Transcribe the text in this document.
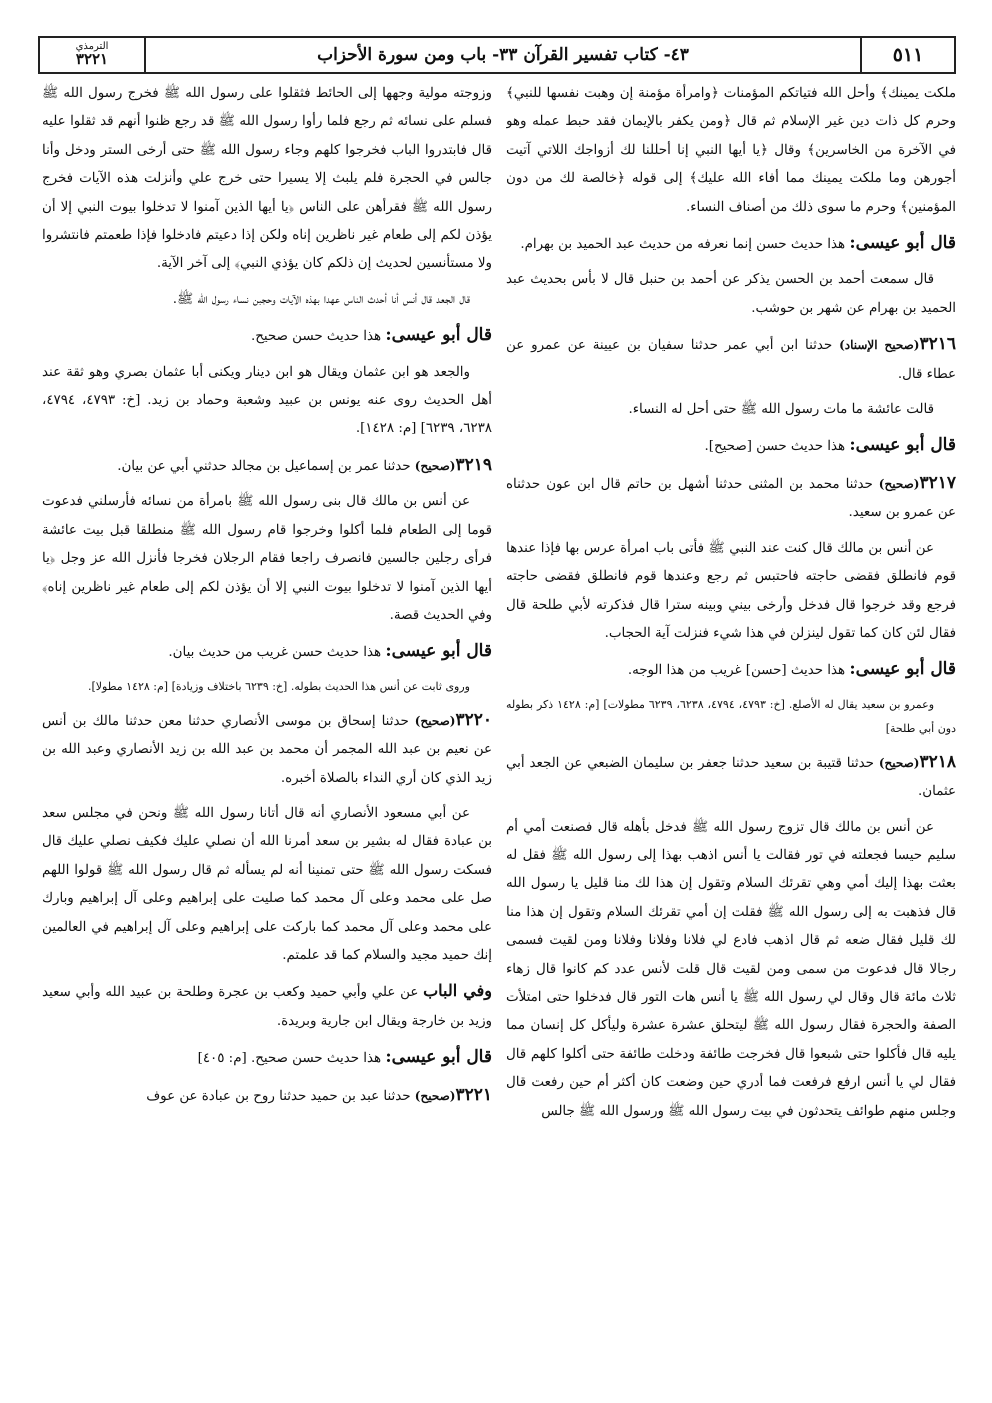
٥١١
٤٣- كتاب تفسير القرآن ٣٣- باب ومن سورة الأحزاب
الترمذي
٣٢٢١

ملكت يمينك﴾ وأحل الله فتياتكم المؤمنات ﴿وامرأة مؤمنة إن وهبت نفسها للنبي﴾ وحرم كل ذات دين غير الإسلام ثم قال ﴿ومن يكفر بالإيمان فقد حبط عمله وهو في الآخرة من الخاسرين﴾ وقال ﴿يا أيها النبي إنا أحللنا لك أزواجك اللاتي آتيت أجورهن وما ملكت يمينك مما أفاء الله عليك﴾ إلى قوله ﴿خالصة لك من دون المؤمنين﴾ وحرم ما سوى ذلك من أصناف النساء.

قال أبو عيسى: هذا حديث حسن إنما نعرفه من حديث عبد الحميد بن بهرام.

قال سمعت أحمد بن الحسن يذكر عن أحمد بن حنبل قال لا بأس بحديث عبد الحميد بن بهرام عن شهر بن حوشب.

٣٢١٦(صحيح الإسناد) حدثنا ابن أبي عمر حدثنا سفيان بن عيينة عن عمرو عن عطاء قال.

قالت عائشة ما مات رسول الله ﷺ حتى أحل له النساء.

قال أبو عيسى: هذا حديث حسن [صحيح].

٣٢١٧(صحيح) حدثنا محمد بن المثنى حدثنا أشهل بن حاتم قال ابن عون حدثناه عن عمرو بن سعيد.

عن أنس بن مالك قال كنت عند النبي ﷺ فأتى باب امرأة عرس بها فإذا عندها قوم فانطلق فقضى حاجته فاحتبس ثم رجع وعندها قوم فانطلق فقضى حاجته فرجع وقد خرجوا قال فدخل وأرخى بيني وبينه سترا قال فذكرته لأبي طلحة قال فقال لئن كان كما تقول لينزلن في هذا شيء فنزلت آية الحجاب.

قال أبو عيسى: هذا حديث [حسن] غريب من هذا الوجه.

وعمرو بن سعيد يقال له الأصلع. [خ: ٤٧٩٣، ٤٧٩٤، ٦٢٣٨، ٦٢٣٩ مطولات] [م: ١٤٢٨ ذكر بطوله دون أبي طلحة]

٣٢١٨(صحيح) حدثنا قتيبة بن سعيد حدثنا جعفر بن سليمان الضبعي عن الجعد أبي عثمان.

عن أنس بن مالك قال تزوج رسول الله ﷺ فدخل بأهله قال فصنعت أمي أم سليم حيسا فجعلته في تور فقالت يا أنس اذهب بهذا إلى رسول الله ﷺ فقل له بعثت بهذا إليك أمي وهي تقرئك السلام وتقول إن هذا لك منا قليل يا رسول الله قال فذهبت به إلى رسول الله ﷺ فقلت إن أمي تقرئك السلام وتقول إن هذا منا لك قليل فقال ضعه ثم قال اذهب فادع لي فلانا وفلانا وفلانا ومن لقيت فسمى رجالا قال فدعوت من سمى ومن لقيت قال قلت لأنس عدد كم كانوا قال زهاء ثلاث مائة قال وقال لي رسول الله ﷺ يا أنس هات التور قال فدخلوا حتى امتلأت الصفة والحجرة فقال رسول الله ﷺ ليتحلق عشرة عشرة وليأكل كل إنسان مما يليه قال فأكلوا حتى شبعوا قال فخرجت طائفة ودخلت طائفة حتى أكلوا كلهم قال فقال لي يا أنس ارفع فرفعت فما أدري حين وضعت كان أكثر أم حين رفعت قال وجلس منهم طوائف يتحدثون في بيت رسول الله ﷺ ورسول الله ﷺ جالس

وزوجته مولية وجهها إلى الحائط فثقلوا على رسول الله ﷺ فخرج رسول الله ﷺ فسلم على نسائه ثم رجع فلما رأوا رسول الله ﷺ قد رجع ظنوا أنهم قد ثقلوا عليه قال فابتدروا الباب فخرجوا كلهم وجاء رسول الله ﷺ حتى أرخى الستر ودخل وأنا جالس في الحجرة فلم يلبث إلا يسيرا حتى خرج علي وأنزلت هذه الآيات فخرج رسول الله ﷺ فقرأهن على الناس ﴿يا أيها الذين آمنوا لا تدخلوا بيوت النبي إلا أن يؤذن لكم إلى طعام غير ناظرين إناه ولكن إذا دعيتم فادخلوا فإذا طعمتم فانتشروا ولا مستأنسين لحديث إن ذلكم كان يؤذي النبي﴾ إلى آخر الآية.

قال الجعد قال أنس أنا أحدث الناس عهدا بهذه الآيات وحجبن نساء رسول الله ﷺ.

قال أبو عيسى: هذا حديث حسن صحيح.

والجعد هو ابن عثمان ويقال هو ابن دينار ويكنى أبا عثمان بصري وهو ثقة عند أهل الحديث روى عنه يونس بن عبيد وشعبة وحماد بن زيد. [خ: ٤٧٩٣، ٤٧٩٤، ٦٢٣٨، ٦٢٣٩] [م: ١٤٢٨].

٣٢١٩(صحيح) حدثنا عمر بن إسماعيل بن مجالد حدثني أبي عن بيان.

عن أنس بن مالك قال بنى رسول الله ﷺ بامرأة من نسائه فأرسلني فدعوت قوما إلى الطعام فلما أكلوا وخرجوا قام رسول الله ﷺ منطلقا قبل بيت عائشة فرأى رجلين جالسين فانصرف راجعا فقام الرجلان فخرجا فأنزل الله عز وجل ﴿يا أيها الذين آمنوا لا تدخلوا بيوت النبي إلا أن يؤذن لكم إلى طعام غير ناظرين إناه﴾ وفي الحديث قصة.

قال أبو عيسى: هذا حديث حسن غريب من حديث بيان.

وروى ثابت عن أنس هذا الحديث بطوله. [خ: ٦٢٣٩ باختلاف وزيادة] [م: ١٤٢٨ مطولا].

٣٢٢٠(صحيح) حدثنا إسحاق بن موسى الأنصاري حدثنا معن حدثنا مالك بن أنس عن نعيم بن عبد الله المجمر أن محمد بن عبد الله بن زيد الأنصاري وعبد الله بن زيد الذي كان أري النداء بالصلاة أخبره.

عن أبي مسعود الأنصاري أنه قال أتانا رسول الله ﷺ ونحن في مجلس سعد بن عبادة فقال له بشير بن سعد أمرنا الله أن نصلي عليك فكيف نصلي عليك قال فسكت رسول الله ﷺ حتى تمنينا أنه لم يسأله ثم قال رسول الله ﷺ قولوا اللهم صل على محمد وعلى آل محمد كما صليت على إبراهيم وعلى آل إبراهيم وبارك على محمد وعلى آل محمد كما باركت على إبراهيم وعلى آل إبراهيم في العالمين إنك حميد مجيد والسلام كما قد علمتم.

وفي الباب عن علي وأبي حميد وكعب بن عجرة وطلحة بن عبيد الله وأبي سعيد وزيد بن خارجة ويقال ابن جارية وبريدة.

قال أبو عيسى: هذا حديث حسن صحيح. [م: ٤٠٥]

٣٢٢١(صحيح) حدثنا عبد بن حميد حدثنا روح بن عبادة عن عوف
